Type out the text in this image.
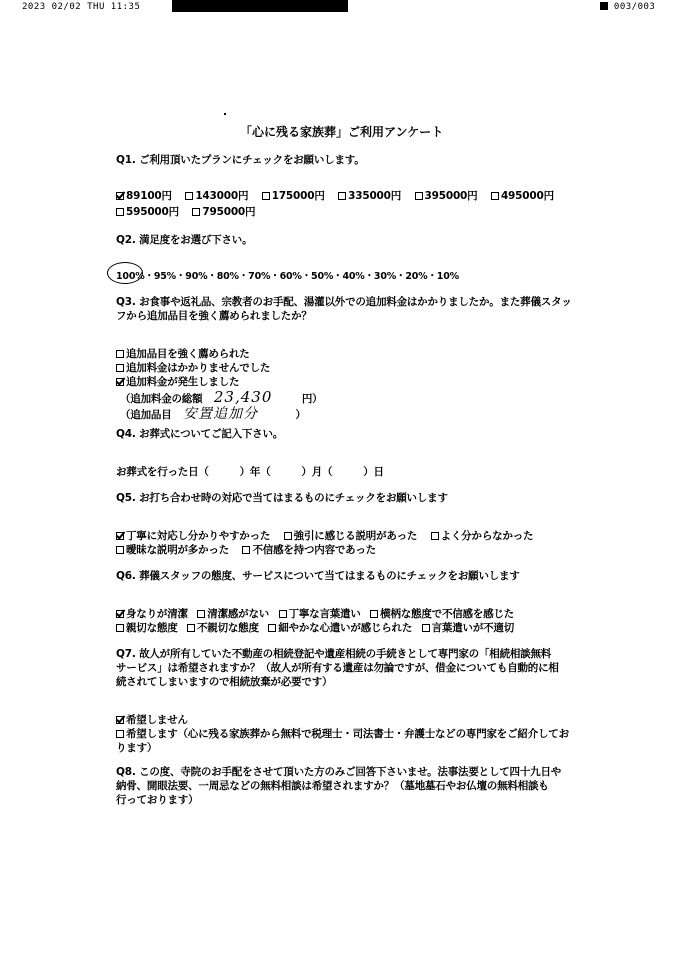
2023 02/02 THU 11:35	003/003
「心に残る家族葬」ご利用アンケート
Q1. ご利用頂いたプランにチェックをお願いします。
89100円 143000円 175000円 335000円 395000円 495000円
595000円 795000円
Q2. 満足度をお選び下さい。
100%・95%・90%・80%・70%・60%・50%・40%・30%・20%・10%
Q3. お食事や返礼品、宗教者のお手配、湯灌以外での追加料金はかかりましたか。また葬儀スタッ
フから追加品目を強く薦められましたか？
追加品目を強く薦められた
追加料金はかかりませんでした
追加料金が発生しました
（追加料金の総額 23,430	円）
（追加品目 安置追加分	）
Q4. お葬式についてご記入下さい。
お葬式を行った日（　　　）年（　　　）月（　　　）日
Q5. お打ち合わせ時の対応で当てはまるものにチェックをお願いします
丁寧に対応し分かりやすかった 強引に感じる説明があった よく分からなかった
曖昧な説明が多かった 不信感を持つ内容であった
Q6. 葬儀スタッフの態度、サービスについて当てはまるものにチェックをお願いします
身なりが清潔 清潔感がない 丁寧な言葉遣い 横柄な態度で不信感を感じた
親切な態度 不親切な態度 細やかな心遣いが感じられた 言葉遣いが不適切
Q7. 故人が所有していた不動産の相続登記や遺産相続の手続きとして専門家の「相続相談無料
サービス」は希望されますか？（故人が所有する遺産は勿論ですが、借金についても自動的に相
続されてしまいますので相続放棄が必要です）
希望しません
希望します（心に残る家族葬から無料で税理士・司法書士・弁護士などの専門家をご紹介してお
ります）
Q8. この度、寺院のお手配をさせて頂いた方のみご回答下さいませ。法事法要として四十九日や
納骨、開眼法要、一周忌などの無料相談は希望されますか？（墓地墓石やお仏壇の無料相談も
行っております）
